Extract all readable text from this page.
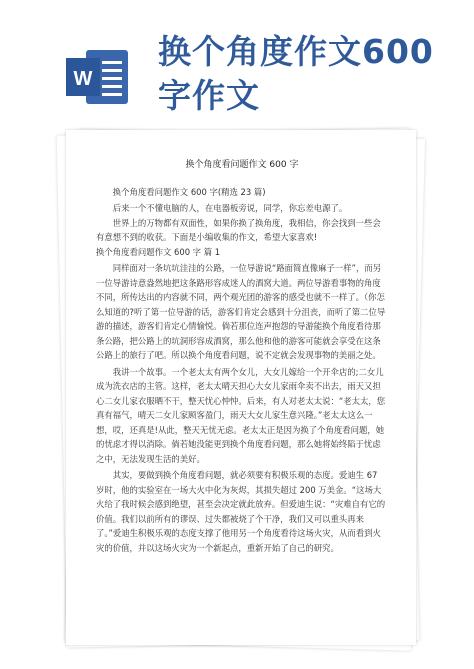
W
换个角度作文600字作文

换个角度看问题作文 600 字

换个角度看问题作文 600 字(精选 23 篇)

后来一个不懂电脑的人，在电器板旁说，同学，你忘差电源了。

世界上的万物都有双面性，如果你换了换角度，我相信，你会找到一些会有意想不到的收获。下面是小编收集的作文，希望大家喜欢!

换个角度看问题作文 600 字 篇 1

同样面对一条坑坑洼洼的公路，一位导游说“路面简直像麻子一样”，而另一位导游诗意盎然地把这条路形容成迷人的酒窝大道。两位导游看事物的角度不同，所传达出的内容就不同，两个观光团的游客的感受也就不一样了。（你怎么知道的?听了第一位导游的话，游客们肯定会感到十分沮丧，而听了第二位导游的描述，游客们肯定心情愉悦。倘若那位连声抱怨的导游能换个角度看待那条公路，把公路上的坑洞形容成酒窝，那么他和他的游客可能就会享受在这条公路上的旅行了吧。所以换个角度看问题，说不定就会发现事物的美丽之处。

我讲一个故事。一个老太太有两个女儿，大女儿嫁给一个开伞店的;二女儿成为洗衣店的主管。这样，老太太晴天担心大女儿家雨伞卖不出去，雨天又担心二女儿家衣服晒不干，整天忧心忡忡。后来，有人对老太太说：“老太太，您真有福气，晴天二女儿家顾客盈门，雨天大女儿家生意兴隆。”老太太这么一想，哎，还真是!从此，整天无忧无虑。老太太正是因为换了个角度看问题，她的忧虑才得以消除。倘若她没能更到换个角度看问题，那么她将始终陷于忧虑之中，无法发现生活的美好。

其实，要做到换个角度看问题，就必须要有积极乐观的态度。爱迪生 67 岁时，他的实验室在一场大火中化为灰烬，其损失超过 200 万美金。“这场大火给了我时候会感到绝望，甚至会决定就此放弃。但爱迪生说：“灾难自有它的价值。我们以前所有的谬误、过失都被烧了个干净，我们又可以重头再来了。”爱迪生积极乐观的态度支撑了他用另一个角度看待这场火灾，从而看到火灾的价值，并以这场火灾为一个新起点，重新开始了自己的研究。
